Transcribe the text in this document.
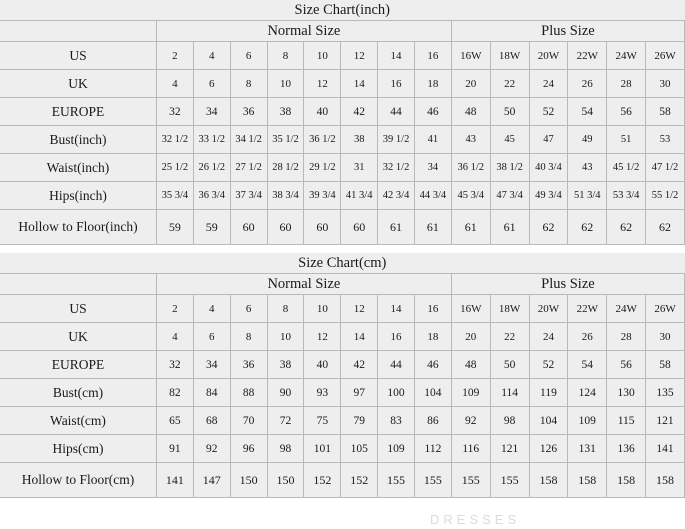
Size Chart(inch)														
	Normal Size								Plus Size					
US	2	4	6	8	10	12	14	16	16W	18W	20W	22W	24W	26W
UK	4	6	8	10	12	14	16	18	20	22	24	26	28	30
EUROPE	32	34	36	38	40	42	44	46	48	50	52	54	56	58
Bust(inch)	32 1/2	33 1/2	34 1/2	35 1/2	36 1/2	38	39 1/2	41	43	45	47	49	51	53
Waist(inch)	25 1/2	26 1/2	27 1/2	28 1/2	29 1/2	31	32 1/2	34	36 1/2	38 1/2	40 3/4	43	45 1/2	47 1/2
Hips(inch)	35 3/4	36 3/4	37 3/4	38 3/4	39 3/4	41 3/4	42 3/4	44 3/4	45 3/4	47 3/4	49 3/4	51 3/4	53 3/4	55 1/2
Hollow to Floor(inch)	59	59	60	60	60	60	61	61	61	61	62	62	62	62
Size Chart(cm)														
	Normal Size								Plus Size					
US	2	4	6	8	10	12	14	16	16W	18W	20W	22W	24W	26W
UK	4	6	8	10	12	14	16	18	20	22	24	26	28	30
EUROPE	32	34	36	38	40	42	44	46	48	50	52	54	56	58
Bust(cm)	82	84	88	90	93	97	100	104	109	114	119	124	130	135
Waist(cm)	65	68	70	72	75	79	83	86	92	98	104	109	115	121
Hips(cm)	91	92	96	98	101	105	109	112	116	121	126	131	136	141
Hollow to Floor(cm)	141	147	150	150	152	152	155	155	155	155	158	158	158	158
DRESSES
